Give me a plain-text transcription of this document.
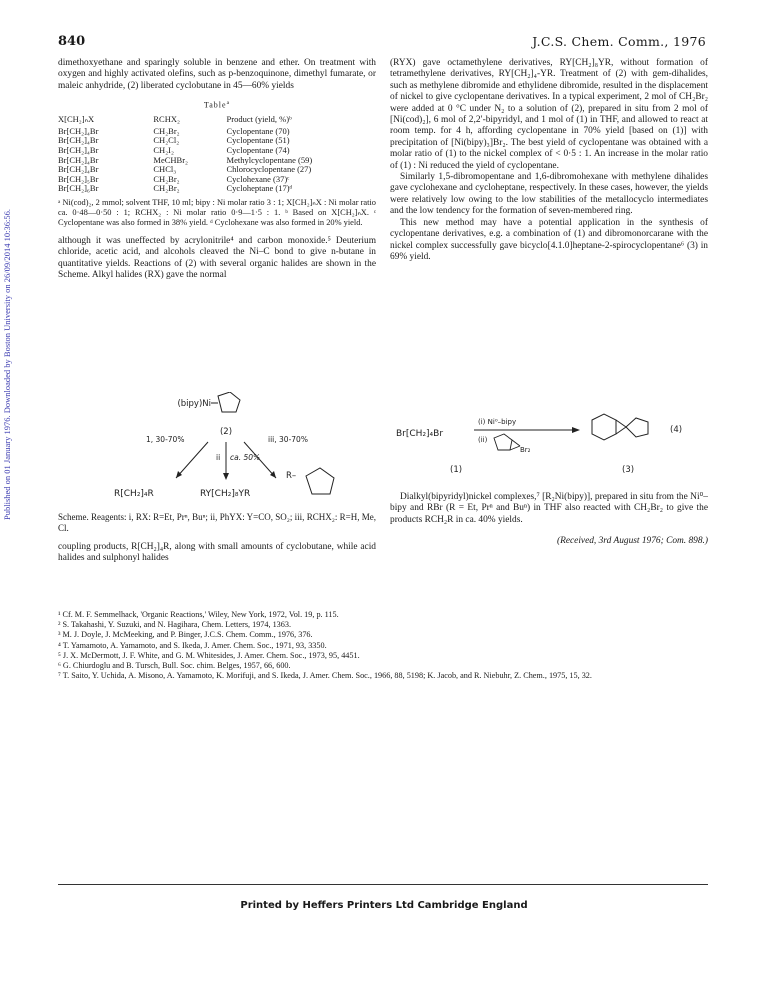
840	J.C.S. Chem. Comm., 1976
Published on 01 January 1976. Downloaded by Boston University on 26/09/2014 10:36:56.

dimethoxyethane and sparingly soluble in benzene and ether. On treatment with oxygen and highly activated olefins, such as p-benzoquinone, dimethyl fumarate, or maleic anhydride, (2) liberated cyclobutane in 45—60% yields

Table$^a$
X[CH₂]ₙX	RCHX₂	Product (yield, %)ᵇ
Br[CH₂]₄Br	CH₂Br₂	Cyclopentane (70)
Br[CH₂]₄Br	CH₂Cl₂	Cyclopentane (51)
Br[CH₂]₄Br	CH₂I₂	Cyclopentane (74)
Br[CH₂]₄Br	MeCHBr₂	Methylcyclopentane (59)
Br[CH₂]₄Br	CHCl₃	Chlorocyclopentane (27)
Br[CH₂]₅Br	CH₂Br₂	Cyclohexane (37)ᶜ
Br[CH₂]₆Br	CH₂Br₂	Cycloheptane (17)ᵈ
ᵃ Ni(cod)₂, 2 mmol; solvent THF, 10 ml; bipy : Ni molar ratio 3 : 1; X[CH₂]ₙX : Ni molar ratio ca. 0·48—0·50 : 1; RCHX₂ : Ni molar ratio 0·9—1·5 : 1. ᵇ Based on X[CH₂]ₙX. ᶜ Cyclopentane was also formed in 38% yield. ᵈ Cyclohexane was also formed in 20% yield.

although it was uneffected by acrylonitrile⁴ and carbon monoxide.⁵ Deuterium chloride, acetic acid, and alcohols cleaved the Ni–C bond to give n-butane in quantitative yields. Reactions of (2) with several organic halides are shown in the Scheme. Alkyl halides (RX) gave the normal

(bipy)Ni
(2)
1, 30-70%
ii ca. 50%
iii, 30-70%
R[CH₂]₄R	RY[CH₂]₈YR
R–
Scheme. Reagents: i, RX: R=Et, Prⁿ, Buⁿ; ii, PhYX: Y=CO, SO₂; iii, RCHX₂: R=H, Me, Cl.

coupling products, R[CH₂]₄R, along with small amounts of cyclobutane, while acid halides and sulphonyl halides

(RYX) gave octamethylene derivatives, RY[CH₂]₈YR, without formation of tetramethylene derivatives, RY[CH₂]₄-YR. Treatment of (2) with gem-dihalides, such as methylene dibromide and ethylidene dibromide, resulted in the displacement of nickel to give cyclopentane derivatives. In a typical experiment, 2 mol of CH₂Br₂ were added at 0 °C under N₂ to a solution of (2), prepared in situ from 2 mol of [Ni(cod)₂], 6 mol of 2,2′-bipyridyl, and 1 mol of (1) in THF, and allowed to react at room temp. for 4 h, affording cyclopentane in 70% yield [based on (1)] with precipitation of [Ni(bipy)₃]Br₂. The best yield of cyclopentane was obtained with a molar ratio of (1) to the nickel complex of < 0·5 : 1. An increase in the molar ratio of (1) : Ni reduced the yield of cyclopentane.

Similarly 1,5-dibromopentane and 1,6-dibromohexane with methylene dihalides gave cyclohexane and cycloheptane, respectively. In these cases, however, the yields were relatively low owing to the low stabilities of the metallocyclo intermediates and the low tendency for the formation of seven-membered ring.

This new method may have a potential application in the synthesis of cyclopentane derivatives, e.g. a combination of (1) and dibromonorcarane with the nickel complex successfully gave bicyclo[4.1.0]heptane-2-spirocyclopentane⁶ (3) in 69% yield.

Br[CH₂]₄Br
(i) Ni⁰–bipy
(ii)
Br₂
(1)	(3)
(4)

Dialkyl(bipyridyl)nickel complexes,⁷ [R₂Ni(bipy)], prepared in situ from the Ni⁰–bipy and RBr (R = Et, Prⁿ and Buⁿ) in THF also reacted with CH₂Br₂ to give the products RCH₂R in ca. 40% yields.

(Received, 3rd August 1976; Com. 898.)
¹ Cf. M. F. Semmelhack, 'Organic Reactions,' Wiley, New York, 1972, Vol. 19, p. 115.
² S. Takahashi, Y. Suzuki, and N. Hagihara, Chem. Letters, 1974, 1363.
³ M. J. Doyle, J. McMeeking, and P. Binger, J.C.S. Chem. Comm., 1976, 376.
⁴ T. Yamamoto, A. Yamamoto, and S. Ikeda, J. Amer. Chem. Soc., 1971, 93, 3350.
⁵ J. X. McDermott, J. F. White, and G. M. Whitesides, J. Amer. Chem. Soc., 1973, 95, 4451.
⁶ G. Chiurdoglu and B. Tursch, Bull. Soc. chim. Belges, 1957, 66, 600.
⁷ T. Saito, Y. Uchida, A. Misono, A. Yamamoto, K. Morifuji, and S. Ikeda, J. Amer. Chem. Soc., 1966, 88, 5198; K. Jacob, and R. Niebuhr, Z. Chem., 1975, 15, 32.
Printed by Heffers Printers Ltd Cambridge England
